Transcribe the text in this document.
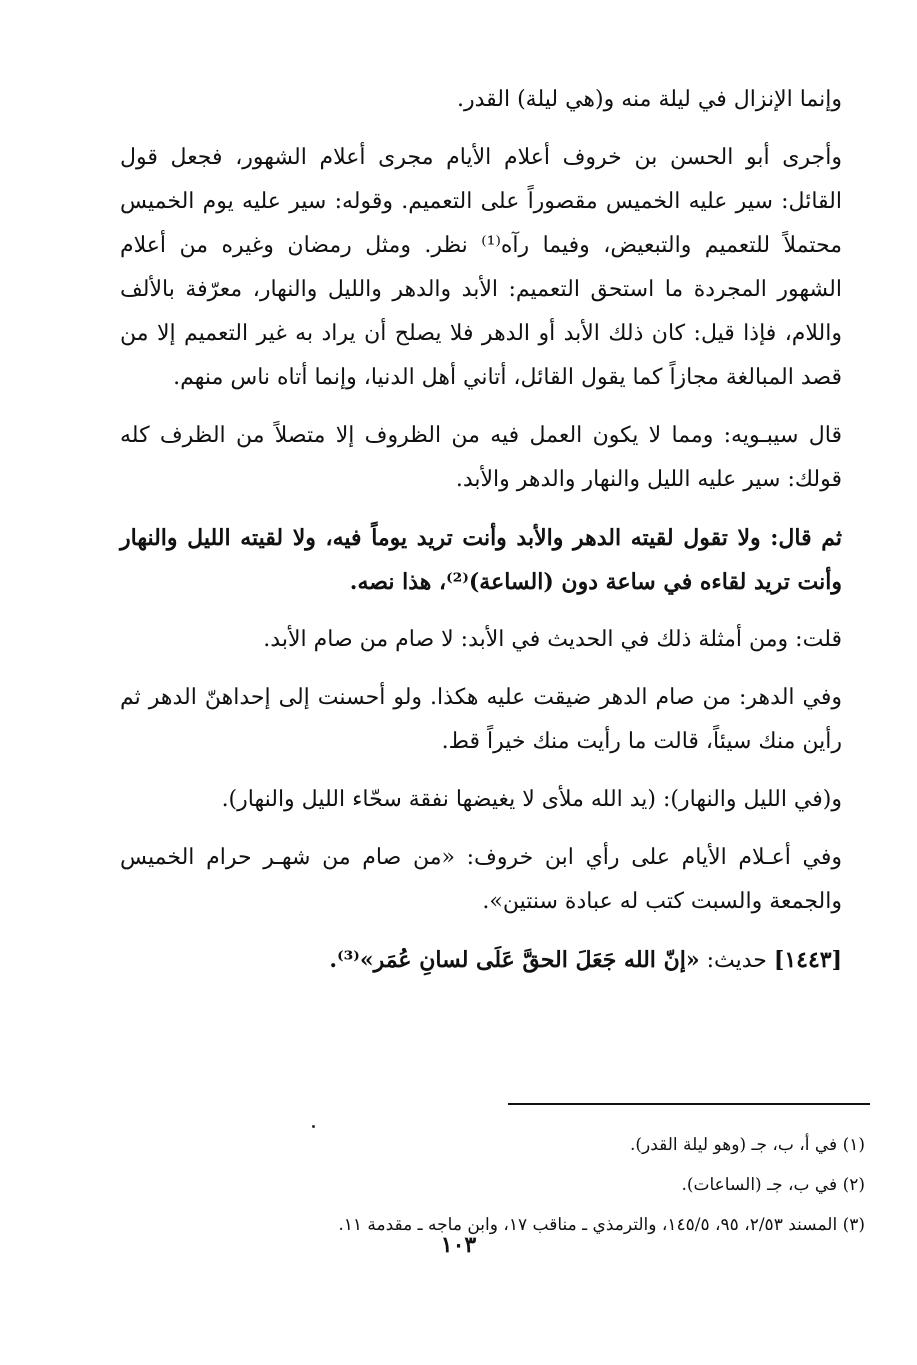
وإنما الإنزال في ليلة منه و(هي ليلة) القدر.

وأجرى أبو الحسن بن خروف أعلام الأيام مجرى أعلام الشهور، فجعل قول القائل: سير عليه الخميس مقصوراً على التعميم. وقوله: سير عليه يوم الخميس محتملاً للتعميم والتبعيض، وفيما رآه⁽¹⁾ نظر. ومثل رمضان وغيره من أعلام الشهور المجردة ما استحق التعميم: الأبد والدهر والليل والنهار، معرّفة بالألف واللام، فإذا قيل: كان ذلك الأبد أو الدهر فلا يصلح أن يراد به غير التعميم إلا من قصد المبالغة مجازاً كما يقول القائل، أتاني أهل الدنيا، وإنما أتاه ناس منهم.

قال سيبـويه: ومما لا يكون العمل فيه من الظروف إلا متصلاً من الظرف كله قولك: سير عليه الليل والنهار والدهر والأبد.

ثم قال: ولا تقول لقيته الدهر والأبد وأنت تريد يوماً فيه، ولا لقيته الليل والنهار وأنت تريد لقاءه في ساعة دون (الساعة)⁽²⁾، هذا نصه.

قلت: ومن أمثلة ذلك في الحديث في الأبد: لا صام من صام الأبد.

وفي الدهر: من صام الدهر ضيقت عليه هكذا. ولو أحسنت إلى إحداهنّ الدهر ثم رأين منك سيئاً، قالت ما رأيت منك خيراً قط.

و(في الليل والنهار): (يد الله ملأى لا يغيضها نفقة سحّاء الليل والنهار).

وفي أعـلام الأيام على رأي ابن خروف: «من صام من شهـر حرام الخميس والجمعة والسبت كتب له عبادة سنتين».

[١٤٤٣] حديث: «إنّ الله جَعَلَ الحقَّ عَلَى لسانِ عُمَر»⁽³⁾.

(١) في أ، ب، جـ (وهو ليلة القدر).

(٢) في ب، جـ (الساعات).

(٣) المسند ٢/٥٣، ٩٥، ١٤٥/٥، والترمذي ـ مناقب ١٧، وابن ماجه ـ مقدمة ١١.

١٠٣
